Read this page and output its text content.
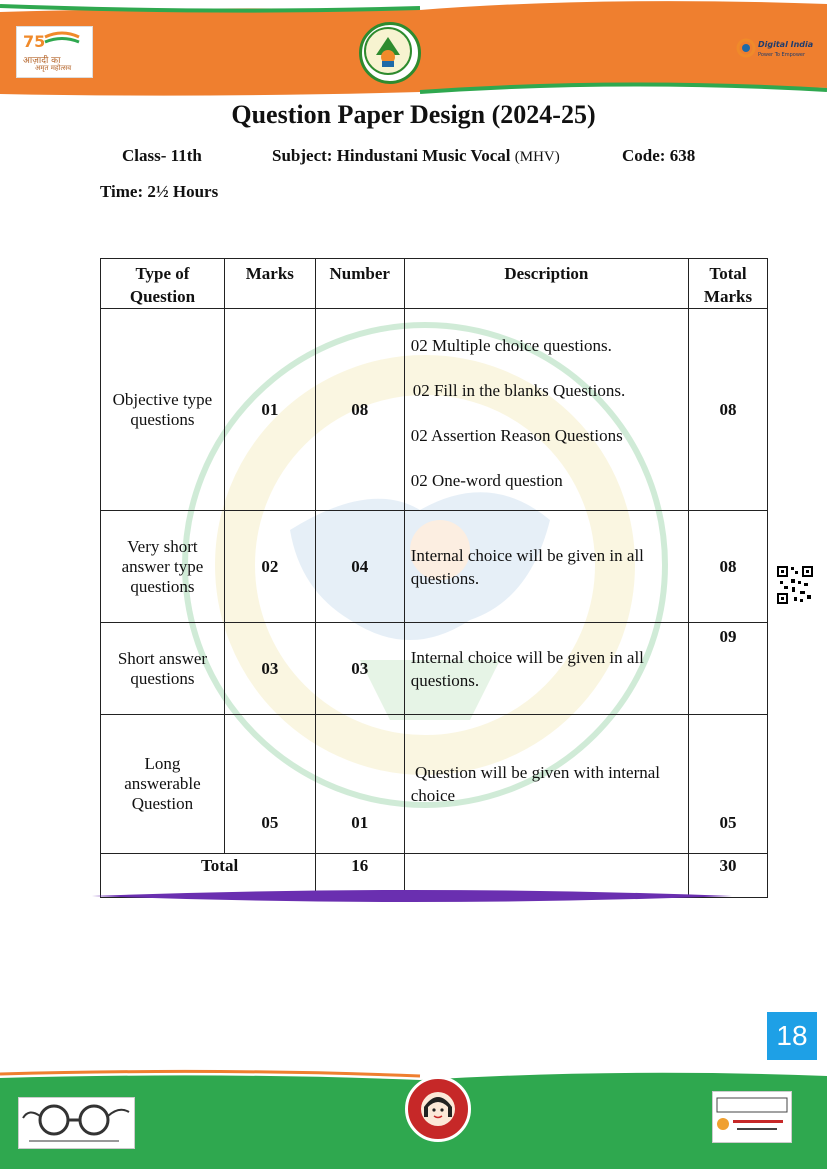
75
आज़ादी का
अमृत महोत्सव
Digital India
Power To Empower
Question Paper Design (2024-25)
Class- 11th	Subject: Hindustani Music Vocal (MHV)	Code: 638
Time: 2½ Hours
Type of Question	Marks	Number	Description	Total Marks
Objective type questions	01	08	02 Multiple choice questions.
02 Fill in the blanks Questions.
02 Assertion Reason Questions
02 One-word question	08
Very short answer type questions	02	04	Internal choice will be given in all questions.	08
Short answer questions	03	03	Internal choice will be given in all questions.	09
Long answerable Question	05	01	Question will be given with internal choice	05
Total		16		30
18
